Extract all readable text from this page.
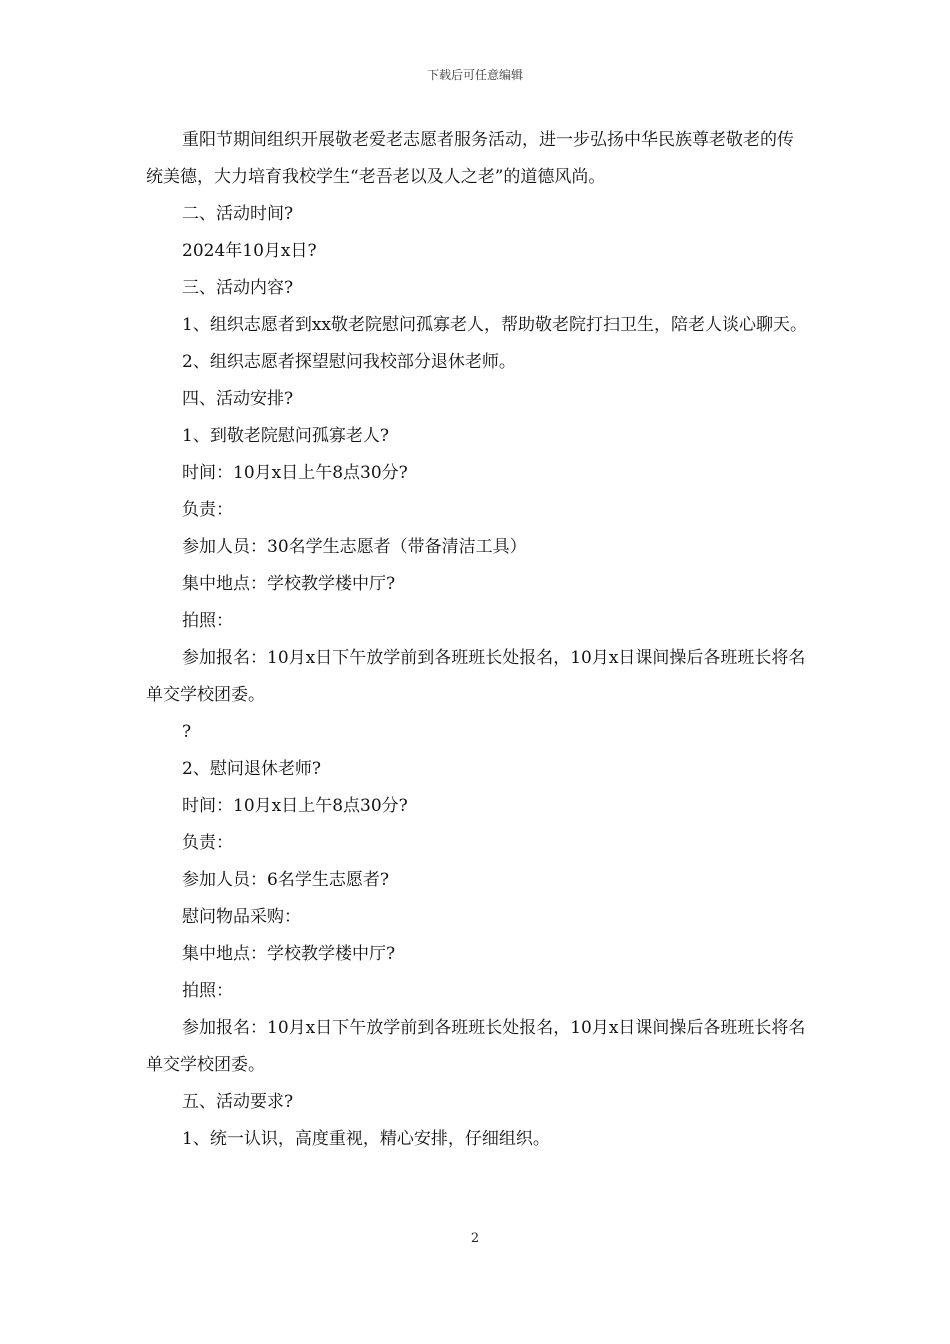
下载后可任意编辑

重阳节期间组织开展敬老爱老志愿者服务活动，进一步弘扬中华民族尊老敬老的传统美德，大力培育我校学生“老吾老以及人之老”的道德风尚。

二、活动时间?

2024年10月x日?

三、活动内容?

1、组织志愿者到xx敬老院慰问孤寡老人，帮助敬老院打扫卫生，陪老人谈心聊天。

2、组织志愿者探望慰问我校部分退休老师。

四、活动安排?

1、到敬老院慰问孤寡老人?

时间：10月x日上午8点30分?

负责：

参加人员：30名学生志愿者（带备清洁工具）

集中地点：学校教学楼中厅?

拍照：

参加报名：10月x日下午放学前到各班班长处报名，10月x日课间操后各班班长将名单交学校团委。

?

2、慰问退休老师?

时间：10月x日上午8点30分?

负责：

参加人员：6名学生志愿者?

慰问物品采购：

集中地点：学校教学楼中厅?

拍照：

参加报名：10月x日下午放学前到各班班长处报名，10月x日课间操后各班班长将名单交学校团委。

五、活动要求?

1、统一认识，高度重视，精心安排，仔细组织。

2
